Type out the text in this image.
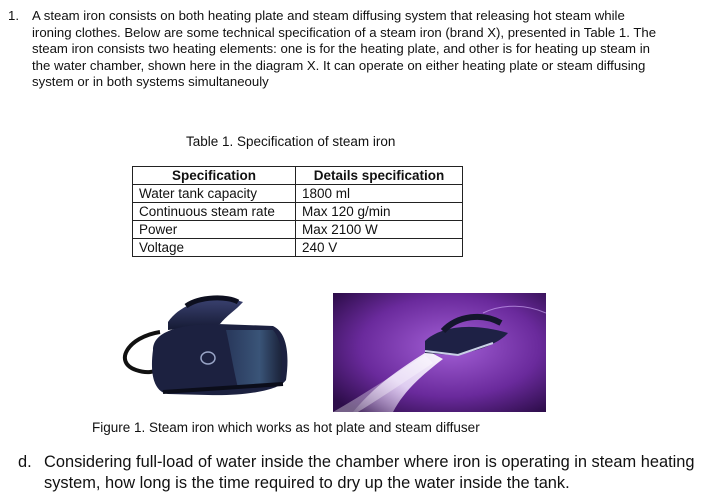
1. A steam iron consists on both heating plate and steam diffusing system that releasing hot steam while ironing clothes. Below are some technical specification of a steam iron (brand X), presented in Table 1. The steam iron consists two heating elements: one is for the heating plate, and other is for heating up steam in the water chamber, shown here in the diagram X. It can operate on either heating plate or steam diffusing system or in both systems simultaneouly
Table 1. Specification of steam iron
Specification	Details specification
Water tank capacity	1800 ml
Continuous steam rate	Max 120 g/min
Power	Max 2100 W
Voltage	240 V
Figure 1. Steam iron which works as hot plate and steam diffuser
d. Considering full-load of water inside the chamber where iron is operating in steam heating system, how long is the time required to dry up the water inside the tank.
